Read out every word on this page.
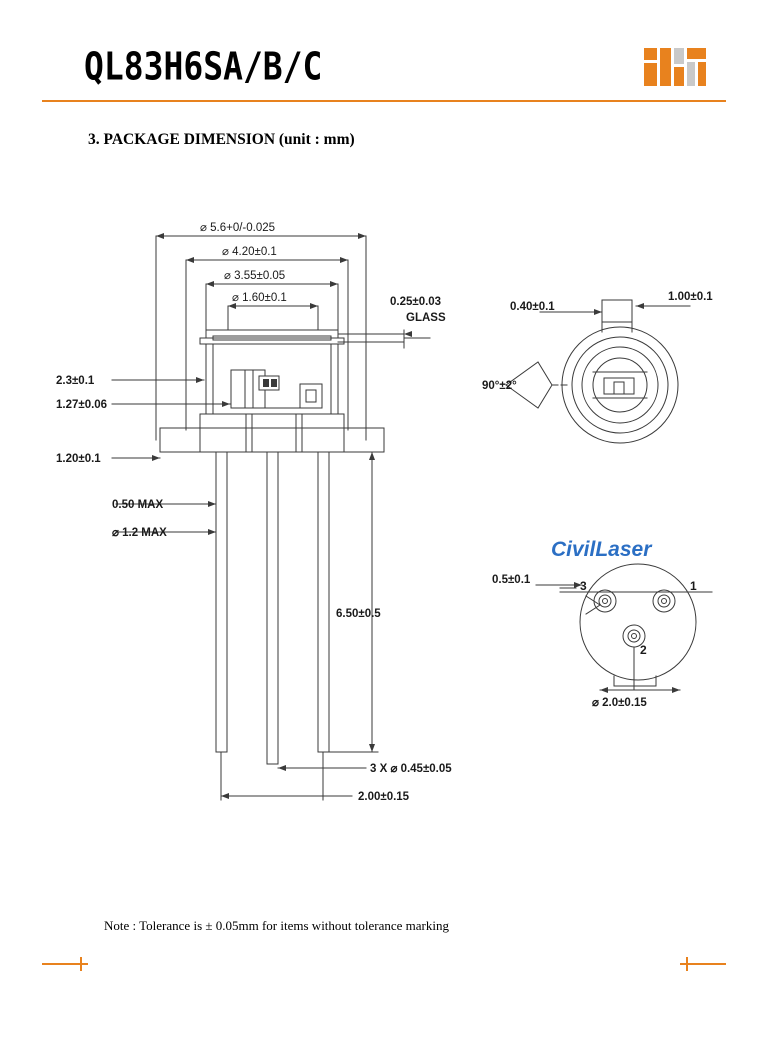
QL83H6SA/B/C
3. PACKAGE DIMENSION (unit : mm)
⌀ 5.6+0/-0.025
⌀ 4.20±0.1
⌀ 3.55±0.05
⌀ 1.60±0.1	0.25±0.03
GLASS
2.3±0.1
1.27±0.06
1.20±0.1
0.50 MAX
⌀ 1.2 MAX
6.50±0.5
3 X ⌀ 0.45±0.05
2.00±0.15
0.40±0.1
1.00±0.1
90°±2°
0.5±0.1	3	1
2
⌀ 2.0±0.15
CivilLaser
Note : Tolerance is ± 0.05mm for items without tolerance marking
